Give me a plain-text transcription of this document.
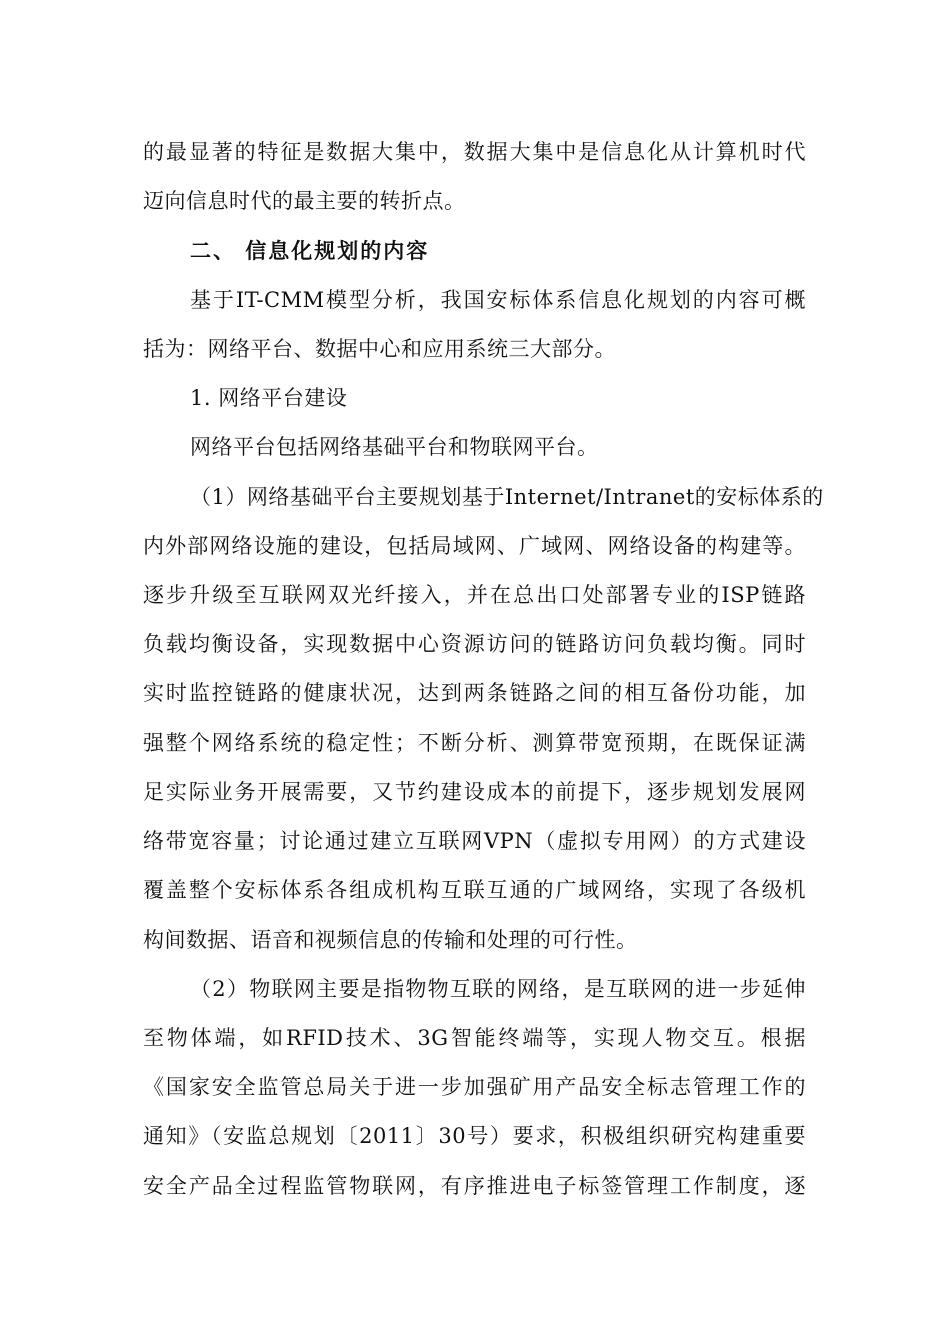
的最显著的特征是数据大集中，数据大集中是信息化从计算机时代
迈向信息时代的最主要的转折点。
二、 信息化规划的内容
基于IT-CMM模型分析，我国安标体系信息化规划的内容可概
括为：网络平台、数据中心和应用系统三大部分。
1. 网络平台建设
网络平台包括网络基础平台和物联网平台。
（1）网络基础平台主要规划基于Internet/Intranet的安标体系的
内外部网络设施的建设，包括局域网、广域网、网络设备的构建等。
逐步升级至互联网双光纤接入，并在总出口处部署专业的ISP链路
负载均衡设备，实现数据中心资源访问的链路访问负载均衡。同时
实时监控链路的健康状况，达到两条链路之间的相互备份功能，加
强整个网络系统的稳定性；不断分析、测算带宽预期，在既保证满
足实际业务开展需要，又节约建设成本的前提下，逐步规划发展网
络带宽容量；讨论通过建立互联网VPN（虚拟专用网）的方式建设
覆盖整个安标体系各组成机构互联互通的广域网络，实现了各级机
构间数据、语音和视频信息的传输和处理的可行性。
（2）物联网主要是指物物互联的网络，是互联网的进一步延伸
至物体端，如RFID技术、3G智能终端等，实现人物交互。根据
《国家安全监管总局关于进一步加强矿用产品安全标志管理工作的
通知》（安监总规划〔2011〕30号）要求，积极组织研究构建重要
安全产品全过程监管物联网，有序推进电子标签管理工作制度，逐
